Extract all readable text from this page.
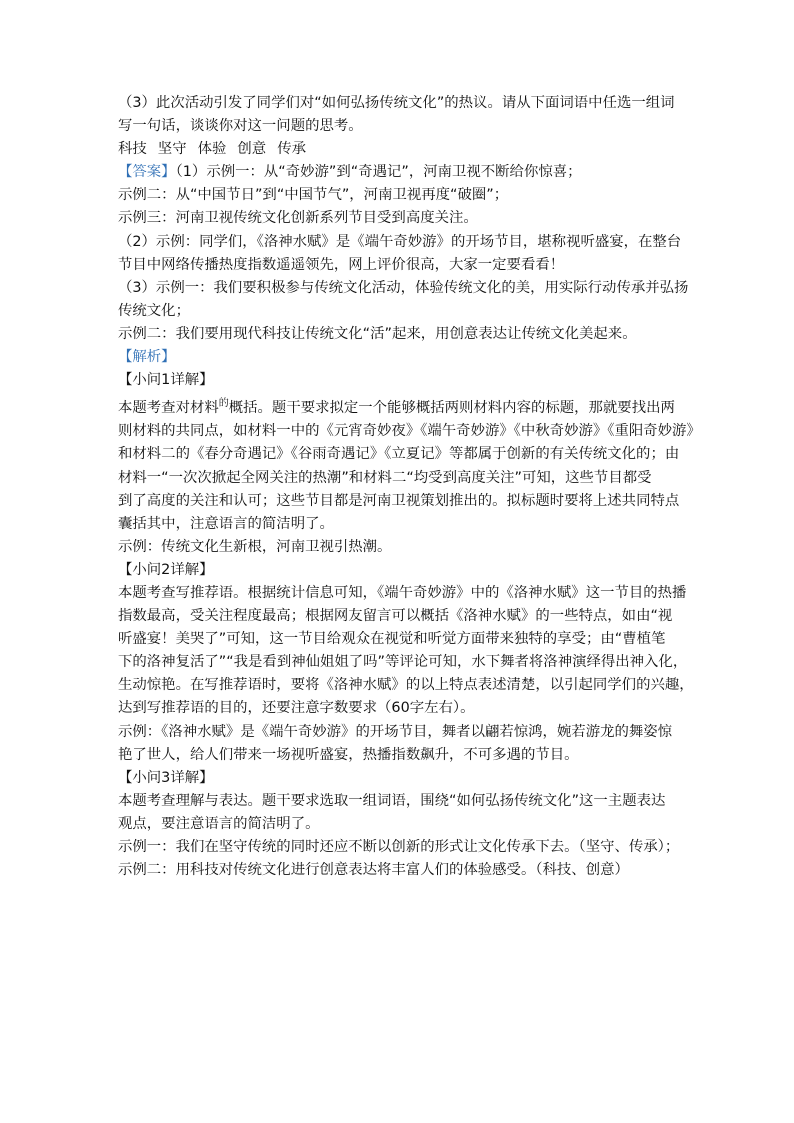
（3）此次活动引发了同学们对“如何弘扬传统文化”的热议。请从下面词语中任选一组词
写一句话，谈谈你对这一问题的思考。
科技 坚守 体验 创意 传承
【答案】（1）示例一：从“奇妙游”到“奇遇记”，河南卫视不断给你惊喜；
示例二：从“中国节日”到“中国节气”，河南卫视再度“破圈”；
示例三：河南卫视传统文化创新系列节目受到高度关注。
（2）示例：同学们，《洛神水赋》是《端午奇妙游》的开场节目，堪称视听盛宴，在整台
节目中网络传播热度指数遥遥领先，网上评价很高，大家一定要看看！
（3）示例一：我们要积极参与传统文化活动，体验传统文化的美，用实际行动传承并弘扬
传统文化；
示例二：我们要用现代科技让传统文化“活”起来，用创意表达让传统文化美起来。
【解析】
【小问1详解】
本题考查对材料$^的$概括。题干要求拟定一个能够概括两则材料内容的标题，那就要找出两
则材料的共同点，如材料一中的《元宵奇妙夜》《端午奇妙游》《中秋奇妙游》《重阳奇妙游》
和材料二的《春分奇遇记》《谷雨奇遇记》《立夏记》等都属于创新的有关传统文化的；由
材料一“一次次掀起全网关注的热潮”和材料二“均受到高度关注”可知，这些节目都受
到了高度的关注和认可；这些节目都是河南卫视策划推出的。拟标题时要将上述共同特点
囊括其中，注意语言的简洁明了。
示例：传统文化生新根，河南卫视引热潮。
【小问2详解】
本题考查写推荐语。根据统计信息可知，《端午奇妙游》中的《洛神水赋》这一节目的热播
指数最高，受关注程度最高；根据网友留言可以概括《洛神水赋》的一些特点，如由“视
听盛宴！美哭了”可知，这一节目给观众在视觉和听觉方面带来独特的享受；由“曹植笔
下的洛神复活了”“我是看到神仙姐姐了吗”等评论可知，水下舞者将洛神演绎得出神入化，
生动惊艳。在写推荐语时，要将《洛神水赋》的以上特点表述清楚，以引起同学们的兴趣，
达到写推荐语的目的，还要注意字数要求（60字左右）。
示例：《洛神水赋》是《端午奇妙游》的开场节目，舞者以翩若惊鸿，婉若游龙的舞姿惊
艳了世人，给人们带来一场视听盛宴，热播指数飙升，不可多遇的节目。
【小问3详解】
本题考查理解与表达。题干要求选取一组词语，围绕“如何弘扬传统文化”这一主题表达
观点，要注意语言的简洁明了。
示例一：我们在坚守传统的同时还应不断以创新的形式让文化传承下去。（坚守、传承）；
示例二：用科技对传统文化进行创意表达将丰富人们的体验感受。（科技、创意）
